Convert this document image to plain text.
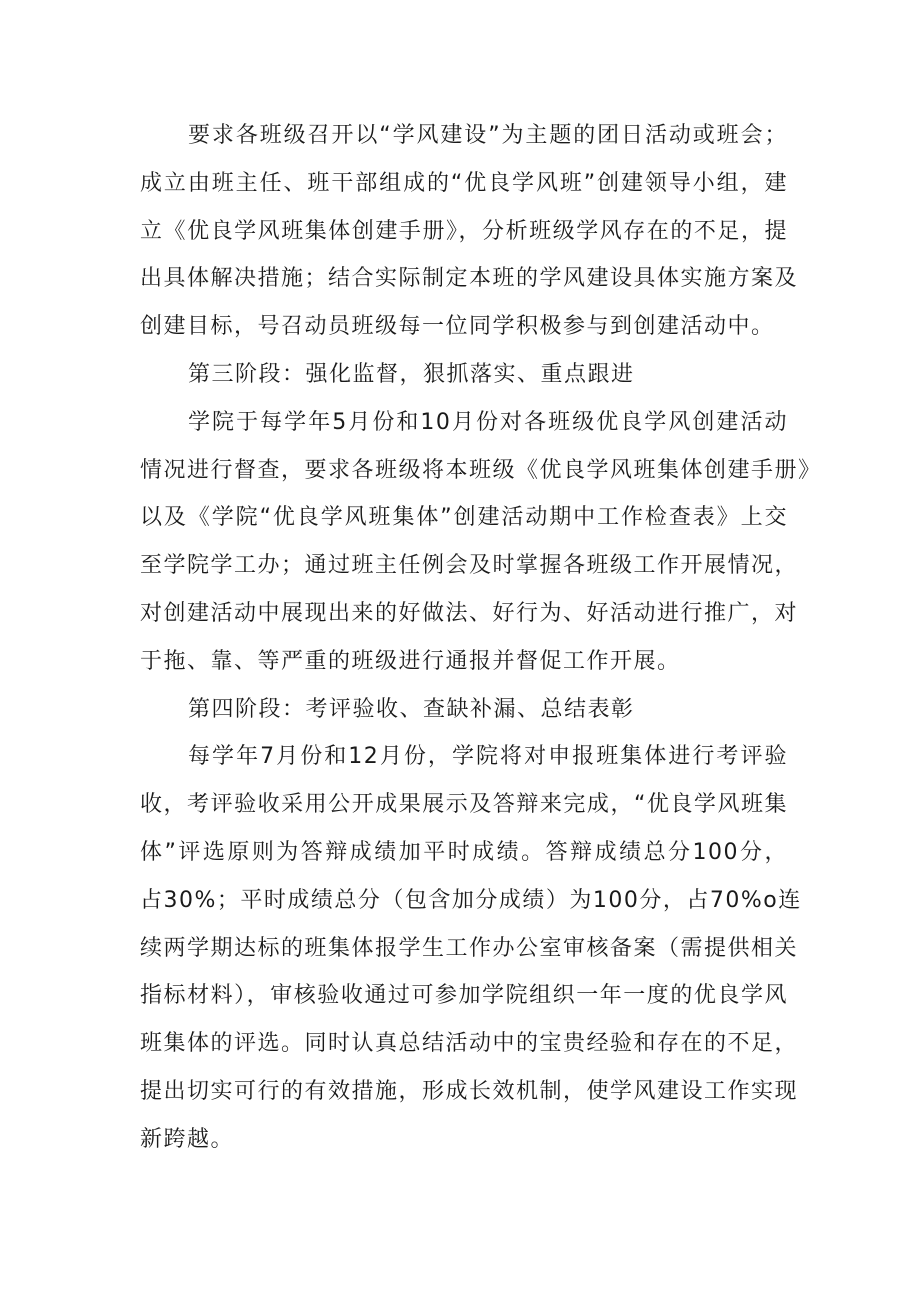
要求各班级召开以“学风建设”为主题的团日活动或班会；
成立由班主任、班干部组成的“优良学风班”创建领导小组，建
立《优良学风班集体创建手册》，分析班级学风存在的不足，提
出具体解决措施；结合实际制定本班的学风建设具体实施方案及
创建目标，号召动员班级每一位同学积极参与到创建活动中。
第三阶段：强化监督，狠抓落实、重点跟进
学院于每学年5月份和10月份对各班级优良学风创建活动
情况进行督查，要求各班级将本班级《优良学风班集体创建手册》
以及《学院“优良学风班集体”创建活动期中工作检查表》上交
至学院学工办；通过班主任例会及时掌握各班级工作开展情况，
对创建活动中展现出来的好做法、好行为、好活动进行推广，对
于拖、靠、等严重的班级进行通报并督促工作开展。
第四阶段：考评验收、查缺补漏、总结表彰
每学年7月份和12月份，学院将对申报班集体进行考评验
收，考评验收采用公开成果展示及答辩来完成，“优良学风班集
体”评选原则为答辩成绩加平时成绩。答辩成绩总分100分，
占30%；平时成绩总分（包含加分成绩）为100分，占70%o连
续两学期达标的班集体报学生工作办公室审核备案（需提供相关
指标材料），审核验收通过可参加学院组织一年一度的优良学风
班集体的评选。同时认真总结活动中的宝贵经验和存在的不足，
提出切实可行的有效措施，形成长效机制，使学风建设工作实现
新跨越。
